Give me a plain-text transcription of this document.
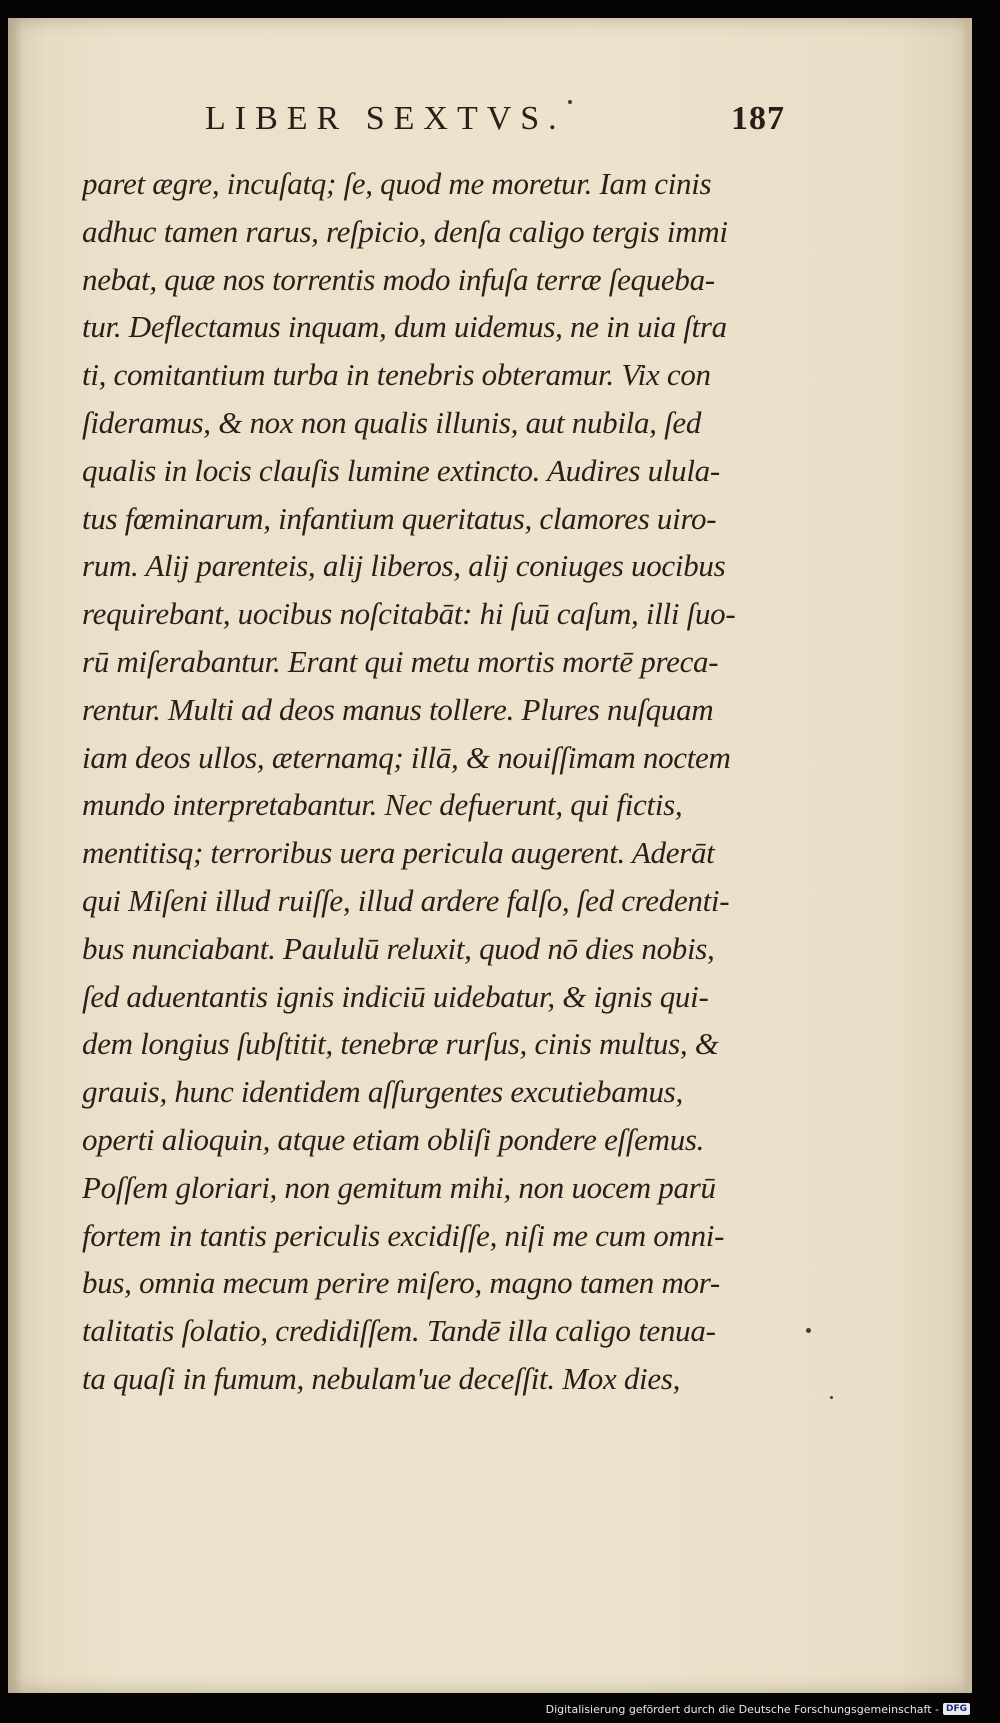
LIBER SEXTVS.	187
paret ægre, incuſatq; ſe, quod me moretur. Iam cinis
adhuc tamen rarus, reſpicio, denſa caligo tergis immi
nebat, quæ nos torrentis modo infuſa terræ ſequeba-
tur. Deflectamus inquam, dum uidemus, ne in uia ſtra
ti, comitantium turba in tenebris obteramur. Vix con
ſideramus, & nox non qualis illunis, aut nubila, ſed
qualis in locis clauſis lumine extincto. Audires ulula-
tus fœminarum, infantium queritatus, clamores uiro-
rum. Alij parenteis, alij liberos, alij coniuges uocibus
requirebant, uocibus noſcitabāt: hi ſuū caſum, illi ſuo-
rū miſerabantur. Erant qui metu mortis mortē preca-
rentur. Multi ad deos manus tollere. Plures nuſquam
iam deos ullos, æternamq; illā, & nouiſſimam noctem
mundo interpretabantur. Nec defuerunt, qui fictis,
mentitisq; terroribus uera pericula augerent. Aderāt
qui Miſeni illud ruiſſe, illud ardere falſo, ſed credenti-
bus nunciabant. Paululū reluxit, quod nō dies nobis,
ſed aduentantis ignis indiciū uidebatur, & ignis qui-
dem longius ſubſtitit, tenebræ rurſus, cinis multus, &
grauis, hunc identidem aſſurgentes excutiebamus,
operti alioquin, atque etiam obliſi pondere eſſemus.
Poſſem gloriari, non gemitum mihi, non uocem parū
fortem in tantis periculis excidiſſe, niſi me cum omni-
bus, omnia mecum perire miſero, magno tamen mor-
talitatis ſolatio, credidiſſem. Tandē illa caligo tenua-
ta quaſi in fumum, nebulam'ue deceſſit. Mox dies,
Digitalisierung gefördert durch die Deutsche Forschungsgemeinschaft - DFG
